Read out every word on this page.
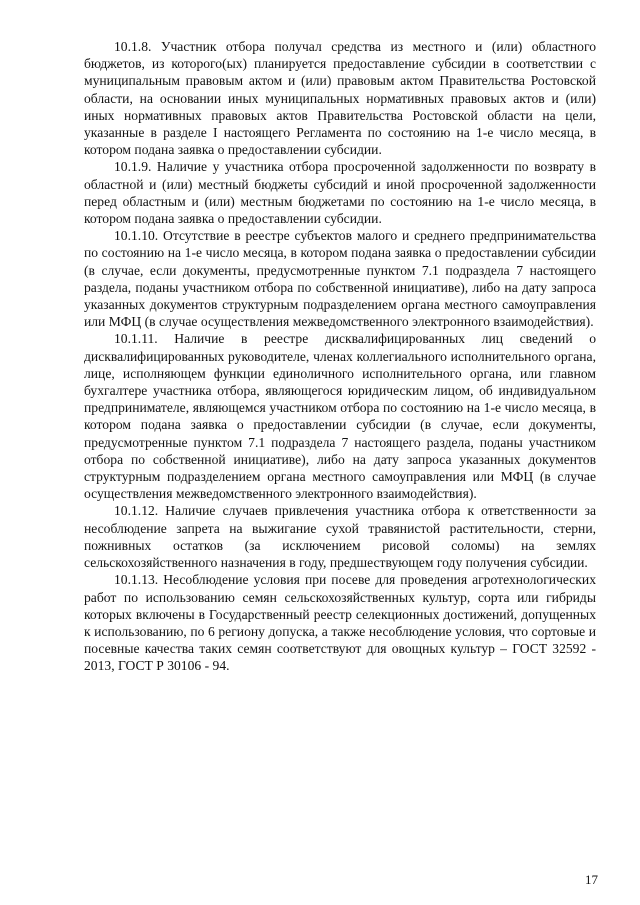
10.1.8. Участник отбора получал средства из местного и (или) областного бюджетов, из которого(ых) планируется предоставление субсидии в соответствии с муниципальным правовым актом и (или) правовым актом Правительства Ростовской области, на основании иных муниципальных нормативных правовых актов и (или) иных нормативных правовых актов Правительства Ростовской области на цели, указанные в разделе I настоящего Регламента по состоянию на 1-е число месяца, в котором подана заявка о предоставлении субсидии.

10.1.9. Наличие у участника отбора просроченной задолженности по возврату в областной и (или) местный бюджеты субсидий и иной просроченной задолженности перед областным и (или) местным бюджетами по состоянию на 1-е число месяца, в котором подана заявка о предоставлении субсидии.

10.1.10. Отсутствие в реестре субъектов малого и среднего предпринимательства по состоянию на 1-е число месяца, в котором подана заявка о предоставлении субсидии (в случае, если документы, предусмотренные пунктом 7.1 подраздела 7 настоящего раздела, поданы участником отбора по собственной инициативе), либо на дату запроса указанных документов структурным подразделением органа местного самоуправления или МФЦ (в случае осуществления межведомственного электронного взаимодействия).

10.1.11. Наличие в реестре дисквалифицированных лиц сведений о дисквалифицированных руководителе, членах коллегиального исполнительного органа, лице, исполняющем функции единоличного исполнительного органа, или главном бухгалтере участника отбора, являющегося юридическим лицом, об индивидуальном предпринимателе, являющемся участником отбора по состоянию на 1-е число месяца, в котором подана заявка о предоставлении субсидии (в случае, если документы, предусмотренные пунктом 7.1 подраздела 7 настоящего раздела, поданы участником отбора по собственной инициативе), либо на дату запроса указанных документов структурным подразделением органа местного самоуправления или МФЦ (в случае осуществления межведомственного электронного взаимодействия).

10.1.12. Наличие случаев привлечения участника отбора к ответственности за несоблюдение запрета на выжигание сухой травянистой растительности, стерни, пожнивных остатков (за исключением рисовой соломы) на землях сельскохозяйственного назначения в году, предшествующем году получения субсидии.

10.1.13. Несоблюдение условия при посеве для проведения агротехнологических работ по использованию семян сельскохозяйственных культур, сорта или гибриды которых включены в Государственный реестр селекционных достижений, допущенных к использованию, по 6 региону допуска, а также несоблюдение условия, что сортовые и посевные качества таких семян соответствуют для овощных культур – ГОСТ 32592 - 2013, ГОСТ Р 30106 - 94.

17
